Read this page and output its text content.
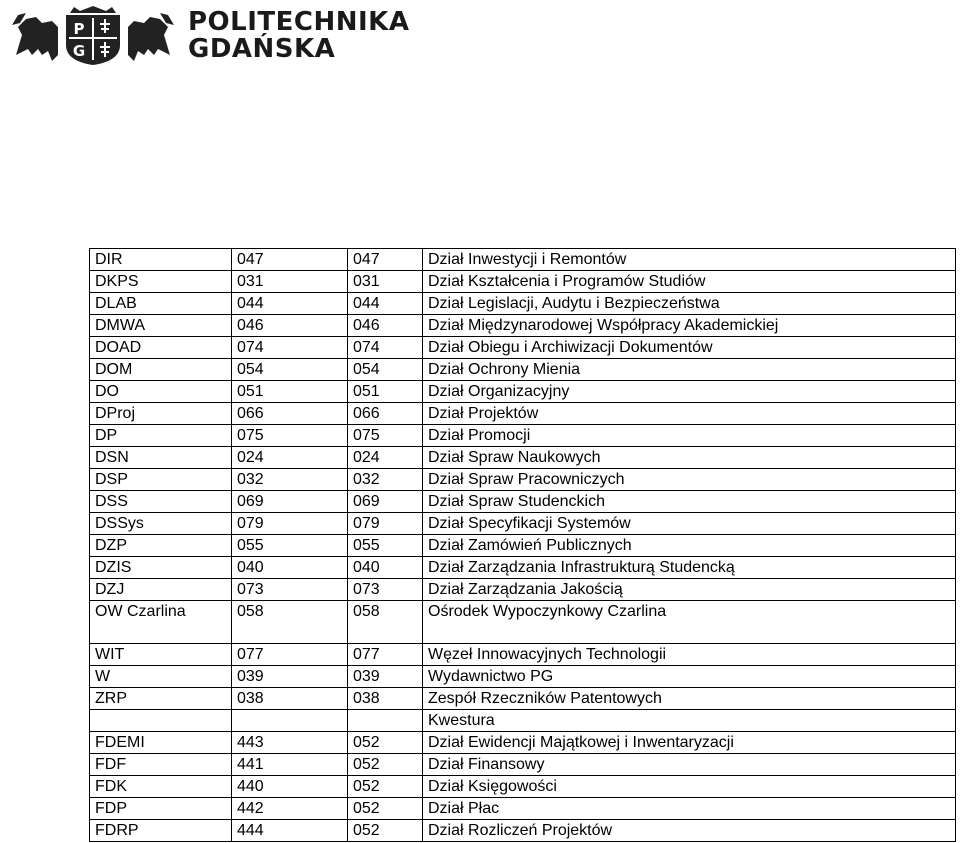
P
G
POLITECHNIKA
GDAŃSKA
DIR	047	047	Dział Inwestycji i Remontów
DKPS	031	031	Dział Kształcenia i Programów Studiów
DLAB	044	044	Dział Legislacji, Audytu i Bezpieczeństwa
DMWA	046	046	Dział Międzynarodowej Współpracy Akademickiej
DOAD	074	074	Dział Obiegu i Archiwizacji Dokumentów
DOM	054	054	Dział Ochrony Mienia
DO	051	051	Dział Organizacyjny
DProj	066	066	Dział Projektów
DP	075	075	Dział Promocji
DSN	024	024	Dział Spraw Naukowych
DSP	032	032	Dział Spraw Pracowniczych
DSS	069	069	Dział Spraw Studenckich
DSSys	079	079	Dział Specyfikacji Systemów
DZP	055	055	Dział Zamówień Publicznych
DZIS	040	040	Dział Zarządzania Infrastrukturą Studencką
DZJ	073	073	Dział Zarządzania Jakością
OW Czarlina	058	058	Ośrodek Wypoczynkowy Czarlina
WIT	077	077	Węzeł Innowacyjnych Technologii
W	039	039	Wydawnictwo PG
ZRP	038	038	Zespół Rzeczników Patentowych
			Kwestura
FDEMI	443	052	Dział Ewidencji Majątkowej i Inwentaryzacji
FDF	441	052	Dział Finansowy
FDK	440	052	Dział Księgowości
FDP	442	052	Dział Płac
FDRP	444	052	Dział Rozliczeń Projektów
